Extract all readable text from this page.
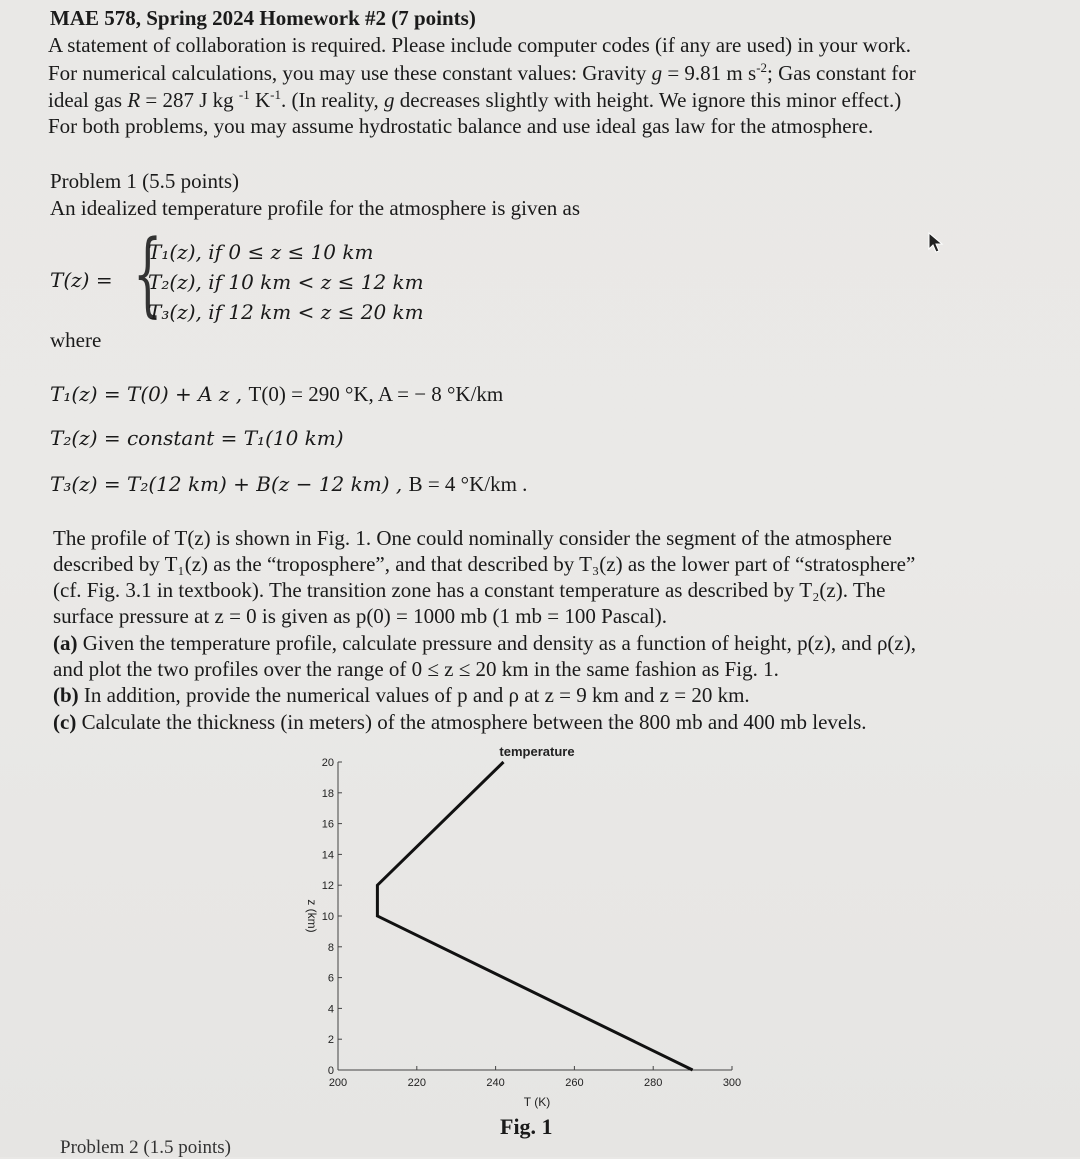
MAE 578, Spring 2024 Homework #2 (7 points)
A statement of collaboration is required. Please include computer codes (if any are used) in your work.
For numerical calculations, you may use these constant values: Gravity g = 9.81 m $s^{-2}$; Gas constant for
ideal gas R = 287 J kg $^{-1}$ $K^{-1}$. (In reality, g decreases slightly with height. We ignore this minor effect.)
For both problems, you may assume hydrostatic balance and use ideal gas law for the atmosphere.
Problem 1 (5.5 points)
An idealized temperature profile for the atmosphere is given as
T(z) = {
T₁(z), if 0 ≤ z ≤ 10 km
T₂(z), if 10 km < z ≤ 12 km
T₃(z), if 12 km < z ≤ 20 km
where
T₁(z) = T(0) + A z , T(0) = 290 °K, A = − 8 °K/km
T₂(z) = constant = T₁(10 km)
T₃(z) = T₂(12 km) + B(z − 12 km) , B = 4 °K/km .
The profile of T(z) is shown in Fig. 1. One could nominally consider the segment of the atmosphere
described by T₁(z) as the “troposphere”, and that described by T₃(z) as the lower part of “stratosphere”
(cf. Fig. 3.1 in textbook). The transition zone has a constant temperature as described by T₂(z). The
surface pressure at z = 0 is given as p(0) = 1000 mb (1 mb = 100 Pascal).
(a) Given the temperature profile, calculate pressure and density as a function of height, p(z), and ρ(z),
and plot the two profiles over the range of 0 ≤ z ≤ 20 km in the same fashion as Fig. 1.
(b) In addition, provide the numerical values of p and ρ at z = 9 km and z = 20 km.
(c) Calculate the thickness (in meters) of the atmosphere between the 800 mb and 400 mb levels.
0
2
4
6
8
10
12
14
16
18
20
200	220	240	260	280	300
temperature
T (K)
z (km)
Fig. 1
Problem 2 (1.5 points)
